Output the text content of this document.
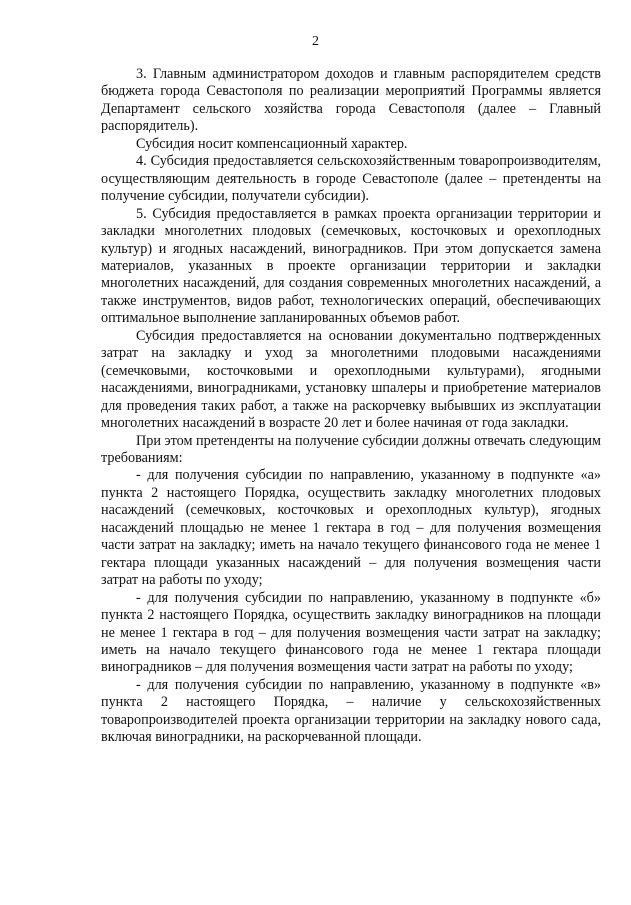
2

3. Главным администратором доходов и главным распорядителем средств бюджета города Севастополя по реализации мероприятий Программы является Департамент сельского хозяйства города Севастополя (далее – Главный распорядитель).

Субсидия носит компенсационный характер.

4. Субсидия предоставляется сельскохозяйственным товаропроизводителям, осуществляющим деятельность в городе Севастополе (далее – претенденты на получение субсидии, получатели субсидии).

5. Субсидия предоставляется в рамках проекта организации территории и закладки многолетних плодовых (семечковых, косточковых и орехоплодных культур) и ягодных насаждений, виноградников. При этом допускается замена материалов, указанных в проекте организации территории и закладки многолетних насаждений, для создания современных многолетних насаждений, а также инструментов, видов работ, технологических операций, обеспечивающих оптимальное выполнение запланированных объемов работ.

Субсидия предоставляется на основании документально подтвержденных затрат на закладку и уход за многолетними плодовыми насаждениями (семечковыми, косточковыми и орехоплодными культурами), ягодными насаждениями, виноградниками, установку шпалеры и приобретение материалов для проведения таких работ, а также на раскорчевку выбывших из эксплуатации многолетних насаждений в возрасте 20 лет и более начиная от года закладки.

При этом претенденты на получение субсидии должны отвечать следующим требованиям:

- для получения субсидии по направлению, указанному в подпункте «а» пункта 2 настоящего Порядка, осуществить закладку многолетних плодовых насаждений (семечковых, косточковых и орехоплодных культур), ягодных насаждений площадью не менее 1 гектара в год – для получения возмещения части затрат на закладку; иметь на начало текущего финансового года не менее 1 гектара площади указанных насаждений – для получения возмещения части затрат на работы по уходу;

- для получения субсидии по направлению, указанному в подпункте «б» пункта 2 настоящего Порядка, осуществить закладку виноградников на площади не менее 1 гектара в год – для получения возмещения части затрат на закладку; иметь на начало текущего финансового года не менее 1 гектара площади виноградников – для получения возмещения части затрат на работы по уходу;

- для получения субсидии по направлению, указанному в подпункте «в» пункта 2 настоящего Порядка, – наличие у сельскохозяйственных товаропроизводителей проекта организации территории на закладку нового сада, включая виноградники, на раскорчеванной площади.
